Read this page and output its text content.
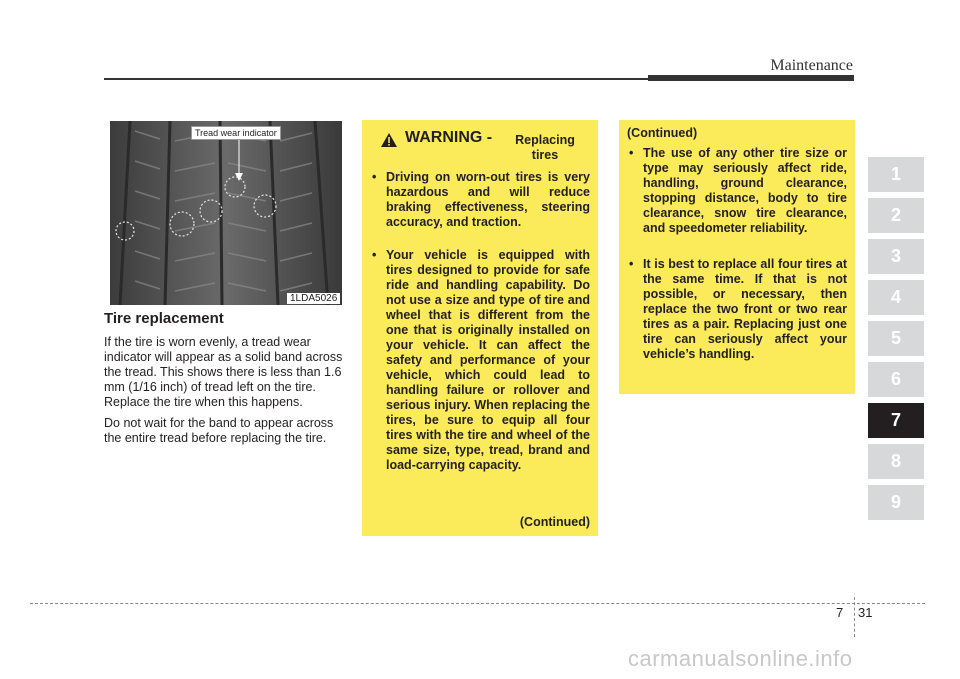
Maintenance
Tread wear indicator
1LDA5026
Tire replacement

If the tire is worn evenly, a tread wear indicator will appear as a solid band across the tread. This shows there is less than 1.6 mm (1/16 inch) of tread left on the tire. Replace the tire when this happens.

Do not wait for the band to appear across the entire tread before replacing the tire.

WARNING -	Replacing tires
• Driving on worn-out tires is very hazardous and will reduce braking effectiveness, steering accuracy, and traction.
• Your vehicle is equipped with tires designed to provide for safe ride and handling capability. Do not use a size and type of tire and wheel that is different from the one that is originally installed on your vehicle. It can affect the safety and performance of your vehicle, which could lead to handling failure or rollover and serious injury. When replacing the tires, be sure to equip all four tires with the tire and wheel of the same size, type, tread, brand and load-carrying capacity.
(Continued)
(Continued)
• The use of any other tire size or type may seriously affect ride, handling, ground clearance, stopping distance, body to tire clearance, snow tire clearance, and speedometer reliability.
• It is best to replace all four tires at the same time. If that is not possible, or necessary, then replace the two front or two rear tires as a pair. Replacing just one tire can seriously affect your vehicle’s handling.
1
2
3
4
5
6
7
8
9
7 31
carmanualsonline.info
